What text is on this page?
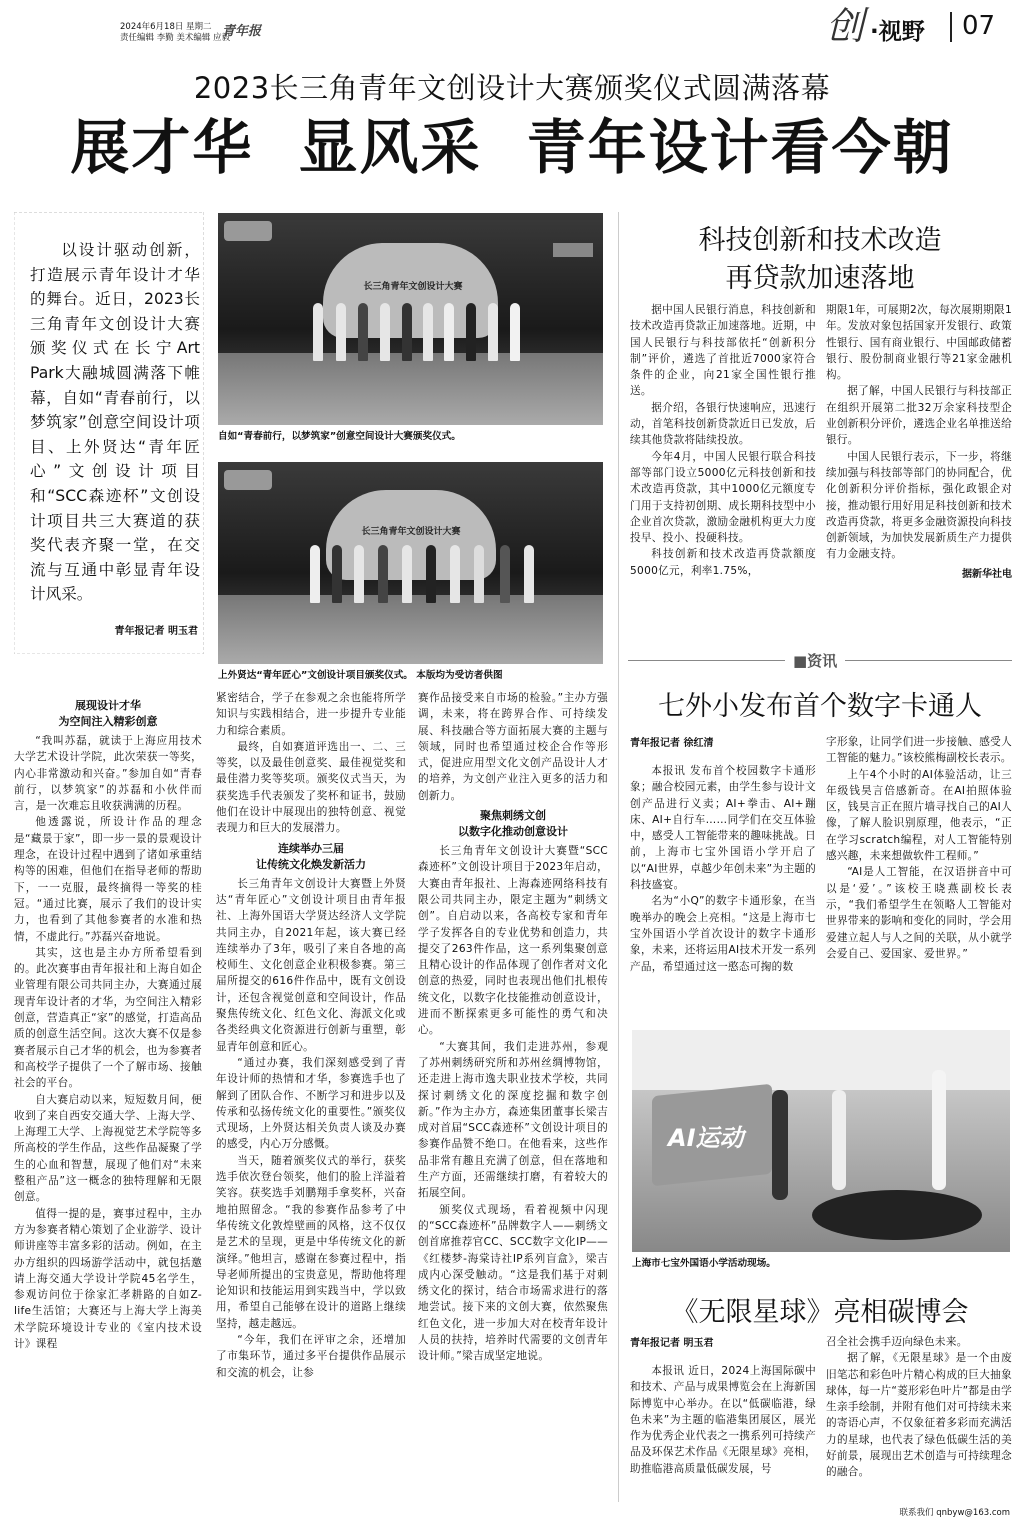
2024年6月18日 星期二
责任编辑 李勤 美术编辑 应毅
青年报	创 ·视野 07
2023长三角青年文创设计大赛颁奖仪式圆满落幕
展才华  显风采  青年设计看今朝

以设计驱动创新，打造展示青年设计才华的舞台。近日，2023长三角青年文创设计大赛颁奖仪式在长宁Art Park大融城圆满落下帷幕，自如“青春前行，以梦筑家”创意空间设计项目、上外贤达“青年匠心”文创设计项目和“SCC森迹杯”文创设计项目共三大赛道的获奖代表齐聚一堂，在交流与互通中彰显青年设计风采。

青年报记者 明玉君
长三角青年文创设计大赛
自如“青春前行，以梦筑家”创意空间设计大赛颁奖仪式。
长三角青年文创设计大赛
上外贤达“青年匠心”文创设计项目颁奖仪式。 本版均为受访者供图
展现设计才华
为空间注入精彩创意

“我叫苏磊，就读于上海应用技术大学艺术设计学院，此次荣获一等奖，内心非常激动和兴奋。”参加自如“青春前行，以梦筑家”的苏磊和小伙伴而言，是一次难忘且收获满满的历程。

他透露说，所设计作品的理念是“藏景于家”，即一步一景的景观设计理念，在设计过程中遇到了诸如承重结构等的困难，但他们在指导老师的帮助下，一一克服，最终摘得一等奖的桂冠。“通过比赛，展示了我们的设计实力，也看到了其他参赛者的水准和热情，不虚此行。”苏磊兴奋地说。

其实，这也是主办方所希望看到的。此次赛事由青年报社和上海自如企业管理有限公司共同主办，大赛通过展现青年设计者的才华，为空间注入精彩创意，营造真正“家”的感觉，打造高品质的创意生活空间。这次大赛不仅是参赛者展示自己才华的机会，也为参赛者和高校学子提供了一个了解市场、接触社会的平台。

自大赛启动以来，短短数月间，便收到了来自西安交通大学、上海大学、上海理工大学、上海视觉艺术学院等多所高校的学生作品，这些作品凝聚了学生的心血和智慧，展现了他们对“未来整租产品”这一概念的独特理解和无限创意。

值得一提的是，赛事过程中，主办方为参赛者精心策划了企业游学、设计师讲座等丰富多彩的活动。例如，在主办方组织的四场游学活动中，就包括邀请上海交通大学设计学院45名学生，参观访问位于徐家汇孝耕路的自如Z-life生活馆；大赛还与上海大学上海美术学院环境设计专业的《室内技术设计》课程

紧密结合，学子在参观之余也能将所学知识与实践相结合，进一步提升专业能力和综合素质。

最终，自如赛道评选出一、二、三等奖，以及最佳创意奖、最佳视觉奖和最佳潜力奖等奖项。颁奖仪式当天，为获奖选手代表颁发了奖杯和证书，鼓励他们在设计中展现出的独特创意、视觉表现力和巨大的发展潜力。

连续举办三届
让传统文化焕发新活力

长三角青年文创设计大赛暨上外贤达“青年匠心”文创设计项目由青年报社、上海外国语大学贤达经济人文学院共同主办，自2021年起，该大赛已经连续举办了3年，吸引了来自各地的高校师生、文化创意企业积极参赛。第三届所提交的616件作品中，既有文创设计，还包含视觉创意和空间设计，作品聚焦传统文化、红色文化、海派文化或各类经典文化资源进行创新与重塑，彰显青年创意和匠心。

“通过办赛，我们深刻感受到了青年设计师的热情和才华，参赛选手也了解到了团队合作、不断学习和进步以及传承和弘扬传统文化的重要性。”颁奖仪式现场，上外贤达相关负责人谈及办赛的感受，内心万分感慨。

当天，随着颁奖仪式的举行，获奖选手依次登台领奖，他们的脸上洋溢着笑容。获奖选手刘鹏翔手拿奖杯，兴奋地拍照留念。“我的参赛作品参考了中华传统文化敦煌壁画的风格，这不仅仅是艺术的呈现，更是中华传统文化的新演绎。”他坦言，感谢在参赛过程中，指导老师所提出的宝贵意见，帮助他将理论知识和技能运用到实践当中，学以致用，希望自己能够在设计的道路上继续坚持，越走越远。

“今年，我们在评审之余，还增加了市集环节，通过多平台提供作品展示和交流的机会，让参

赛作品接受来自市场的检验。”主办方强调，未来，将在跨界合作、可持续发展、科技融合等方面拓展大赛的主题与领域，同时也希望通过校企合作等形式，促进应用型文化文创产品设计人才的培养，为文创产业注入更多的活力和创新力。

聚焦刺绣文创
以数字化推动创意设计

长三角青年文创设计大赛暨“SCC森迹杯”文创设计项目于2023年启动，大赛由青年报社、上海森迹网络科技有限公司共同主办，限定主题为“刺绣文创”。自启动以来，各高校专家和青年学子发挥各自的专业优势和创造力，共提交了263件作品，这一系列集聚创意且精心设计的作品体现了创作者对文化创意的热爱，同时也表现出他们扎根传统文化，以数字化技能推动创意设计，进而不断探索更多可能性的勇气和决心。

“大赛其间，我们走进苏州，参观了苏州刺绣研究所和苏州丝绸博物馆，还走进上海市逸夫职业技术学校，共同探讨刺绣文化的深度挖掘和数字创新。”作为主办方，森迹集团董事长梁吉成对首届“SCC森迹杯”文创设计项目的参赛作品赞不绝口。在他看来，这些作品非常有趣且充满了创意，但在落地和生产方面，还需继续打磨，有着较大的拓展空间。

颁奖仪式现场，看着视频中闪现的“SCC森迹杯”品牌数字人——刺绣文创首席推荐官CC、SCC数字文化IP——《红楼梦-海棠诗社IP系列盲盒》，梁吉成内心深受触动。“这是我们基于对刺绣文化的探讨，结合市场需求进行的落地尝试。接下来的文创大赛，依然聚焦红色文化，进一步加大对在校青年设计人员的扶持，培养时代需要的文创青年设计师。”梁吉成坚定地说。

科技创新和技术改造
再贷款加速落地

据中国人民银行消息，科技创新和技术改造再贷款正加速落地。近期，中国人民银行与科技部依托“创新积分制”评价，遴选了首批近7000家符合条件的企业，向21家全国性银行推送。

据介绍，各银行快速响应，迅速行动，首笔科技创新贷款近日已发放，后续其他贷款将陆续投放。

今年4月，中国人民银行联合科技部等部门设立5000亿元科技创新和技术改造再贷款，其中1000亿元额度专门用于支持初创期、成长期科技型中小企业首次贷款，激励金融机构更大力度投早、投小、投硬科技。

科技创新和技术改造再贷款额度5000亿元，利率1.75%，

期限1年，可展期2次，每次展期期限1年。发放对象包括国家开发银行、政策性银行、国有商业银行、中国邮政储蓄银行、股份制商业银行等21家金融机构。

据了解，中国人民银行与科技部正在组织开展第二批32万余家科技型企业创新积分评价，遴选企业名单推送给银行。

中国人民银行表示，下一步，将继续加强与科技部等部门的协同配合，优化创新积分评价指标，强化政银企对接，推动银行用好用足科技创新和技术改造再贷款，将更多金融资源投向科技创新领域，为加快发展新质生产力提供有力金融支持。

据新华社电
■资讯
七外小发布首个数字卡通人
青年报记者 徐红清

本报讯 发布首个校园数字卡通形象；融合校园元素，由学生参与设计文创产品进行义卖；AI+拳击、AI+蹦床、AI+自行车……同学们在交互体验中，感受人工智能带来的趣味挑战。日前，上海市七宝外国语小学开启了以“AI世界，卓越少年创未来”为主题的科技盛宴。

名为“小Q”的数字卡通形象，在当晚举办的晚会上亮相。“这是上海市七宝外国语小学首次设计的数字卡通形象，未来，还将运用AI技术开发一系列产品，希望通过这一憨态可掬的数

字形象，让同学们进一步接触、感受人工智能的魅力。”该校熊梅副校长表示。

上午4个小时的AI体验活动，让三年级钱昊言倍感新奇。在AI拍照体验区，钱昊言正在照片墙寻找自己的AI人像，了解人脸识别原理，他表示，“正在学习scratch编程，对人工智能特别感兴趣，未来想做软件工程师。”

“AI是人工智能，在汉语拼音中可以是‘爱’。”该校王晓燕副校长表示，“我们希望学生在领略人工智能对世界带来的影响和变化的同时，学会用爱建立起人与人之间的关联，从小就学会爱自己、爱国家、爱世界。”

AI运动
上海市七宝外国语小学活动现场。
《无限星球》亮相碳博会
青年报记者 明玉君

本报讯 近日，2024上海国际碳中和技术、产品与成果博览会在上海新国际博览中心举办。在以“低碳临港，绿色未来”为主题的临港集团展区，展光作为优秀企业代表之一携系列可持续产品及环保艺术作品《无限星球》亮相，助推临港高质量低碳发展，号

召全社会携手迈向绿色未来。

据了解，《无限星球》是一个由废旧笔芯和彩色叶片精心构成的巨大抽象球体，每一片“菱形彩色叶片”都是由学生亲手绘制，并附有他们对可持续未来的寄语心声，不仅象征着多彩而充满活力的星球，也代表了绿色低碳生活的美好前景，展现出艺术创造与可持续理念的融合。

联系我们 qnbyw@163.com
